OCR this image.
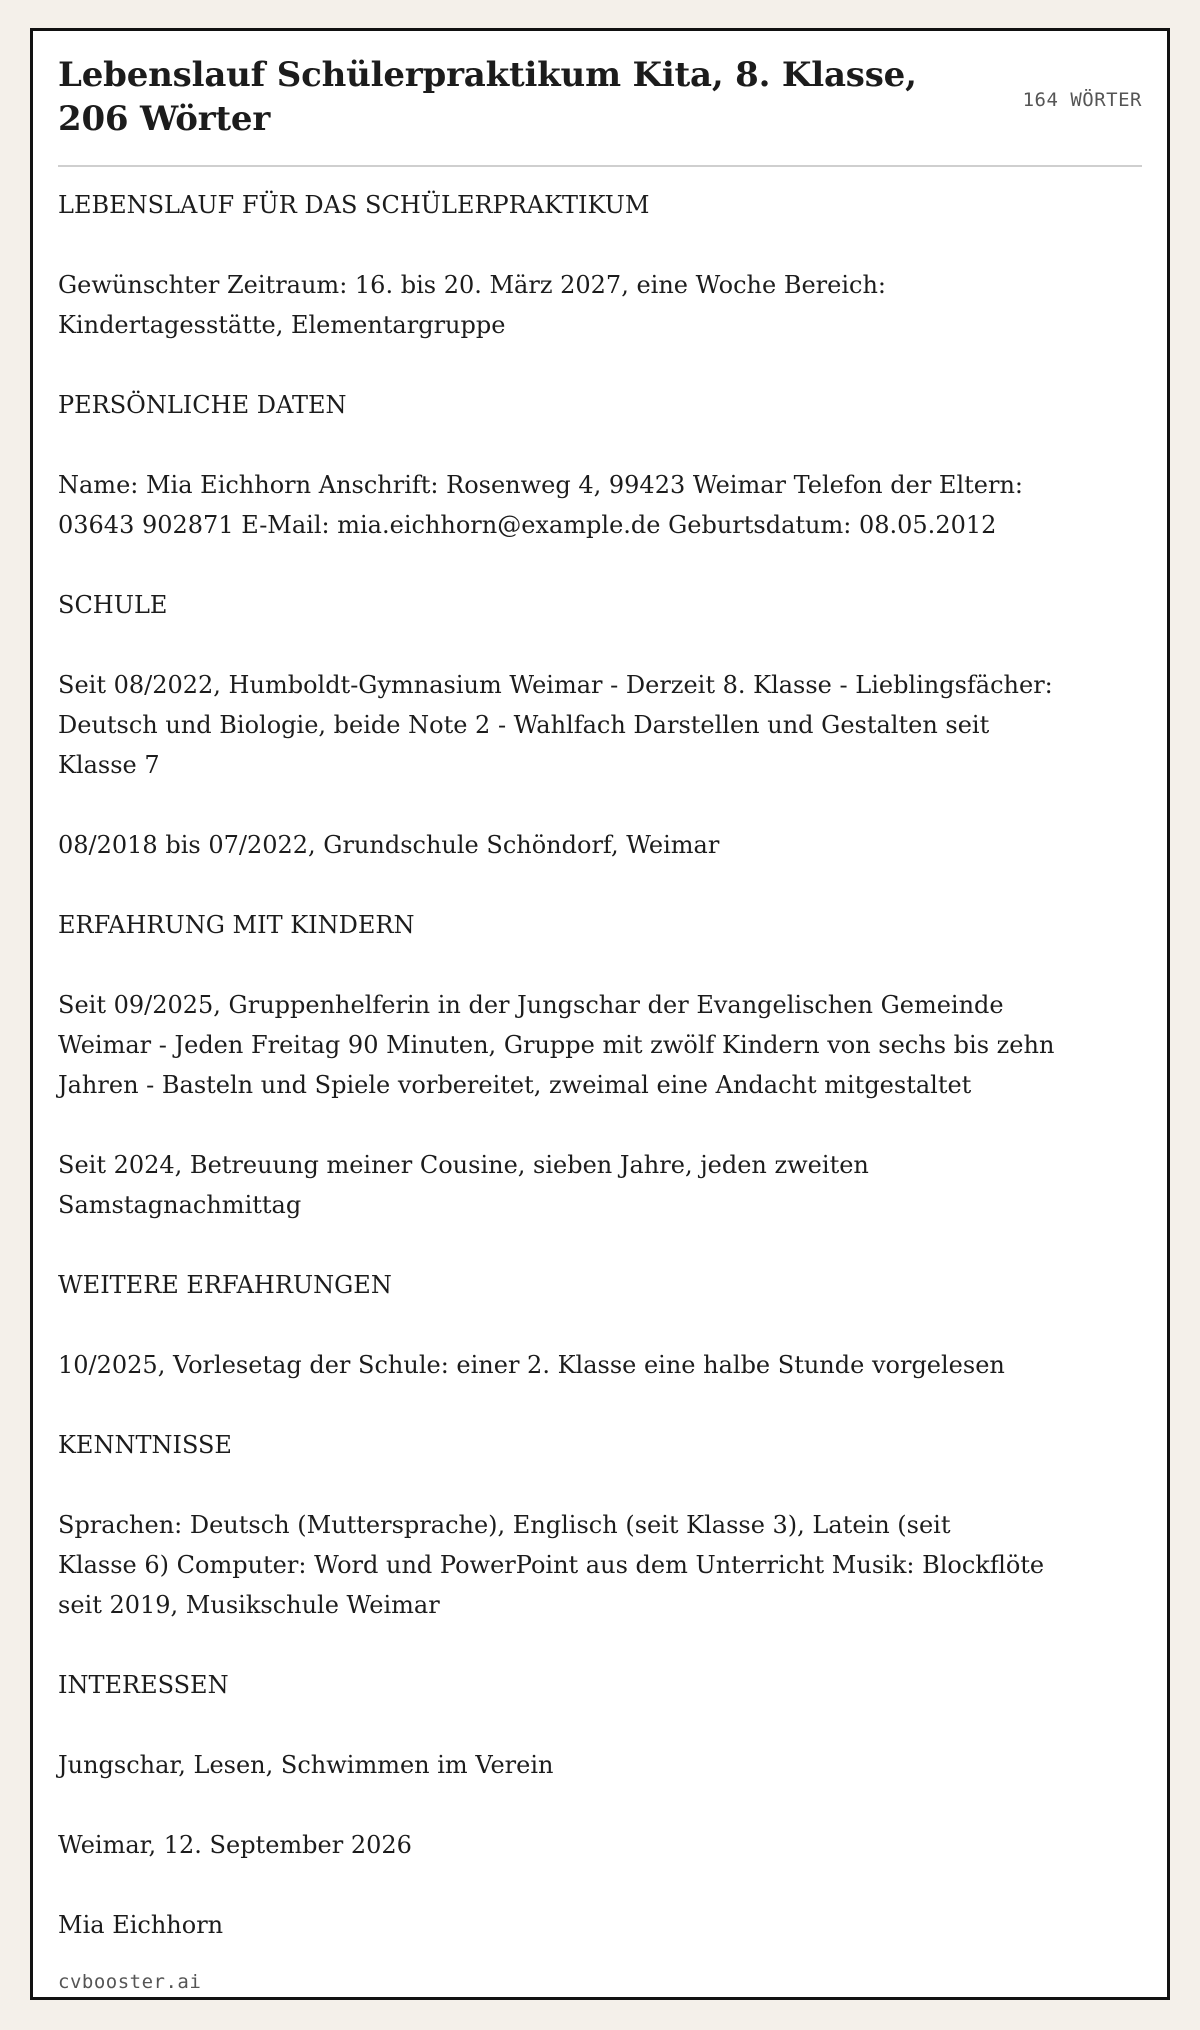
Lebenslauf Schülerpraktikum Kita, 8. Klasse, 206 Wörter	164 WÖRTER

LEBENSLAUF FÜR DAS SCHÜLERPRAKTIKUM

Gewünschter Zeitraum: 16. bis 20. März 2027, eine Woche Bereich:
Kindertagesstätte, Elementargruppe

PERSÖNLICHE DATEN

Name: Mia Eichhorn Anschrift: Rosenweg 4, 99423 Weimar Telefon der Eltern:
03643 902871 E-Mail: mia.eichhorn@example.de Geburtsdatum: 08.05.2012

SCHULE

Seit 08/2022, Humboldt-Gymnasium Weimar - Derzeit 8. Klasse - Lieblingsfächer:
Deutsch und Biologie, beide Note 2 - Wahlfach Darstellen und Gestalten seit
Klasse 7

08/2018 bis 07/2022, Grundschule Schöndorf, Weimar

ERFAHRUNG MIT KINDERN

Seit 09/2025, Gruppenhelferin in der Jungschar der Evangelischen Gemeinde
Weimar - Jeden Freitag 90 Minuten, Gruppe mit zwölf Kindern von sechs bis zehn
Jahren - Basteln und Spiele vorbereitet, zweimal eine Andacht mitgestaltet

Seit 2024, Betreuung meiner Cousine, sieben Jahre, jeden zweiten
Samstagnachmittag

WEITERE ERFAHRUNGEN

10/2025, Vorlesetag der Schule: einer 2. Klasse eine halbe Stunde vorgelesen

KENNTNISSE

Sprachen: Deutsch (Muttersprache), Englisch (seit Klasse 3), Latein (seit
Klasse 6) Computer: Word und PowerPoint aus dem Unterricht Musik: Blockflöte
seit 2019, Musikschule Weimar

INTERESSEN

Jungschar, Lesen, Schwimmen im Verein

Weimar, 12. September 2026

Mia Eichhorn

cvbooster.ai
